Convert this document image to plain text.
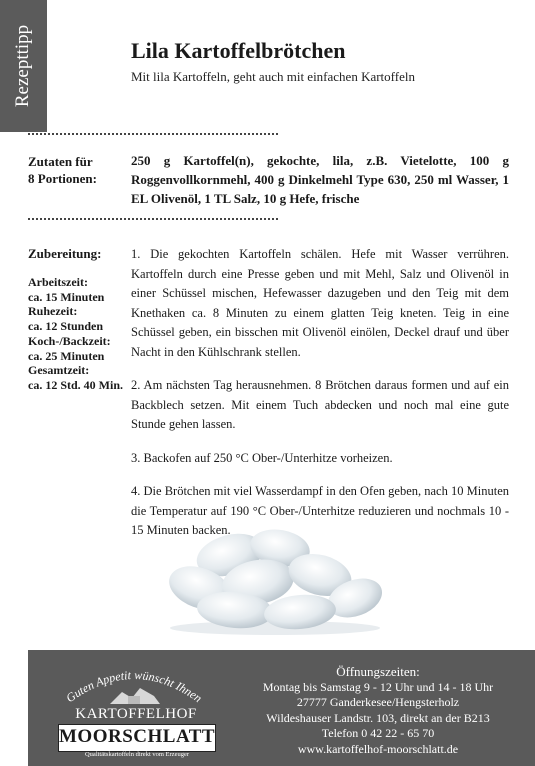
Rezepttipp	Lila Kartoffelbrötchen

Mit lila Kartoffeln, geht auch mit einfachen Kartoffeln

Zutaten für
8 Portionen:

250 g Kartoffel(n), gekochte, lila, z.B. Vietelotte, 100 g Roggenvollkornmehl, 400 g Dinkelmehl Type 630, 250 ml Wasser, 1 EL Olivenöl, 1 TL Salz, 10 g Hefe, frische

Zubereitung:
Arbeitszeit:
ca. 15 Minuten
Ruhezeit:
ca. 12 Stunden
Koch-/Backzeit:
ca. 25 Minuten
Gesamtzeit:
ca. 12 Std. 40 Min.

1. Die gekochten Kartoffeln schälen. Hefe mit Wasser verrühren. Kartoffeln durch eine Presse geben und mit Mehl, Salz und Olivenöl in einer Schüssel mischen, Hefewasser dazugeben und den Teig mit dem Knethaken ca. 8 Minuten zu einem glatten Teig kneten. Teig in eine Schüssel geben, ein bisschen mit Olivenöl einölen, Deckel drauf und über Nacht in den Kühlschrank stellen.

2. Am nächsten Tag herausnehmen. 8 Brötchen daraus formen und auf ein Backblech setzen. Mit einem Tuch abdecken und noch mal eine gute Stunde gehen lassen.

3. Backofen auf 250 °C Ober-/Unterhitze vorheizen.

4. Die Brötchen mit viel Wasserdampf in den Ofen geben, nach 10 Minuten die Temperatur auf 190 °C Ober-/Unterhitze reduzieren und nochmals 10 - 15 Minuten backen.

Guten Appetit wünscht Ihnen
KARTOFFELHOF
MOORSCHLATT
Qualitätskartoffeln direkt vom Erzeuger
Öffnungszeiten:
Montag bis Samstag 9 - 12 Uhr und 14 - 18 Uhr
27777 Ganderkesee/Hengsterholz
Wildeshauser Landstr. 103, direkt an der B213
Telefon 0 42 22 - 65 70
www.kartoffelhof-moorschlatt.de
